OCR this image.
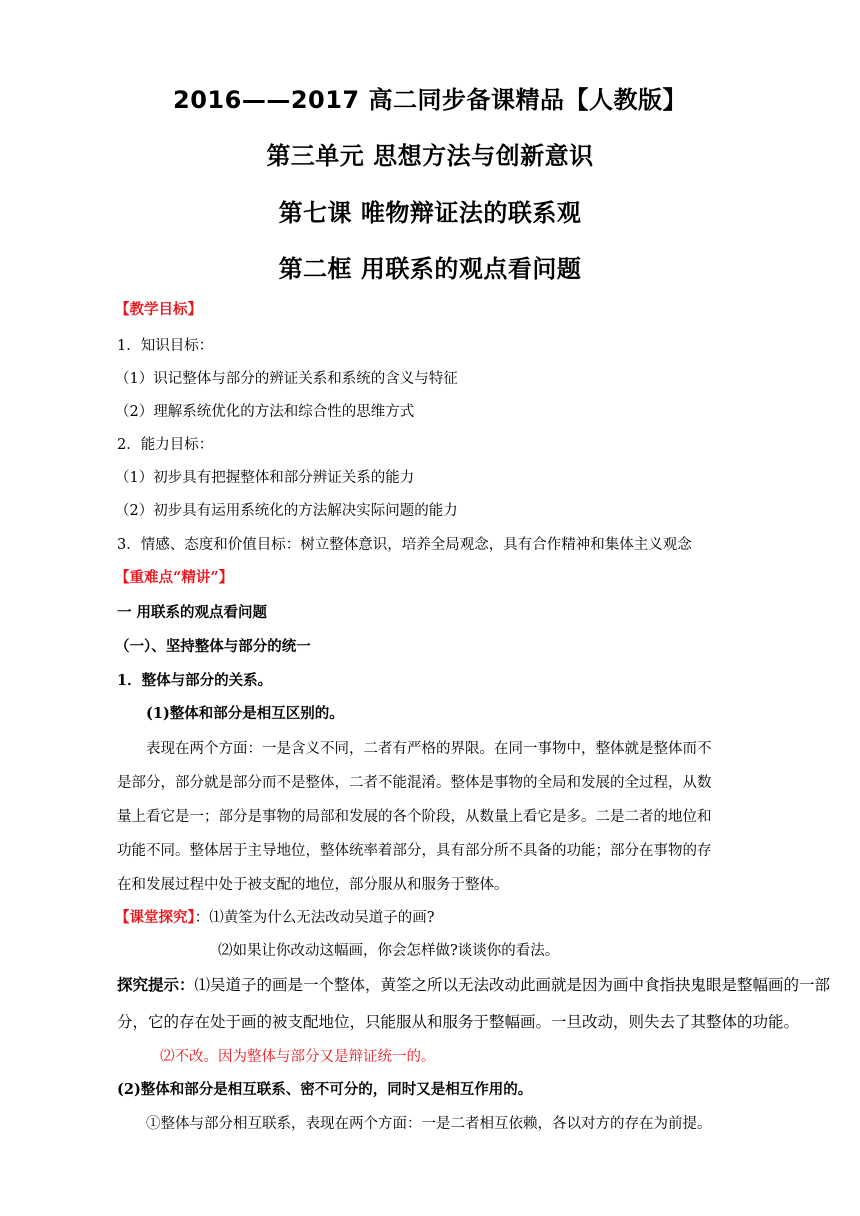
2016——2017 高二同步备课精品【人教版】

第三单元 思想方法与创新意识

第七课 唯物辩证法的联系观

第二框 用联系的观点看问题

【教学目标】

1．知识目标：

（1）识记整体与部分的辨证关系和系统的含义与特征

（2）理解系统优化的方法和综合性的思维方式

2．能力目标：

（1）初步具有把握整体和部分辨证关系的能力

（2）初步具有运用系统化的方法解决实际问题的能力

3．情感、态度和价值目标：树立整体意识，培养全局观念，具有合作精神和集体主义观念

【重难点“精讲”】

一 用联系的观点看问题

（一）、坚持整体与部分的统一

1．整体与部分的关系。

(1)整体和部分是相互区别的。

表现在两个方面：一是含义不同，二者有严格的界限。在同一事物中，整体就是整体而不

是部分，部分就是部分而不是整体，二者不能混淆。整体是事物的全局和发展的全过程，从数

量上看它是一；部分是事物的局部和发展的各个阶段，从数量上看它是多。二是二者的地位和

功能不同。整体居于主导地位，整体统率着部分，具有部分所不具备的功能；部分在事物的存

在和发展过程中处于被支配的地位，部分服从和服务于整体。

【课堂探究】：⑴黄筌为什么无法改动吴道子的画?

⑵如果让你改动这幅画，你会怎样做?谈谈你的看法。

探究提示：⑴吴道子的画是一个整体，黄筌之所以无法改动此画就是因为画中食指抉鬼眼是整幅画的一部

分，它的存在处于画的被支配地位，只能服从和服务于整幅画。一旦改动，则失去了其整体的功能。

⑵不改。因为整体与部分又是辩证统一的。

(2)整体和部分是相互联系、密不可分的，同时又是相互作用的。

①整体与部分相互联系，表现在两个方面：一是二者相互依赖，各以对方的存在为前提。
